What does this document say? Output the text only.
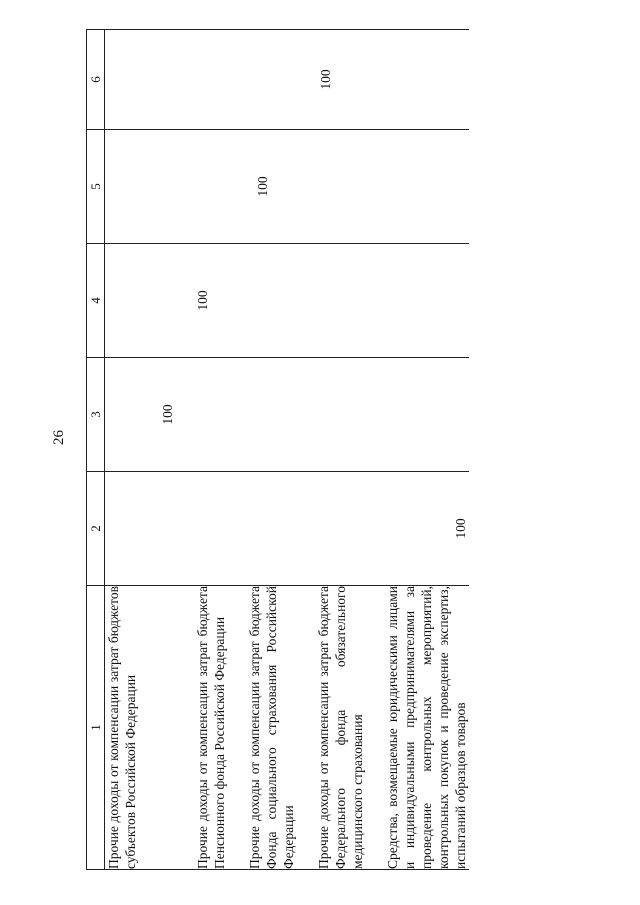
26
1	2	3	4	5	6
Прочие доходы от компенсации затрат бюджетов субъектов Российской Федерации		100			

Прочие доходы от компенсации затрат бюджета Пенсионного фонда Российской Федерации			100		

Прочие доходы от компенсации затрат бюджета Фонда социального страхования Российской Федерации				100	

Прочие доходы от компенсации затрат бюджета Федерального фонда обязательного медицинского страхования					100

Средства, возмещаемые юридическими лицами и индивидуальными предпринимателями за проведение контрольных мероприятий, контрольных покупок и проведение экспертиз, испытаний образцов товаров	100				
